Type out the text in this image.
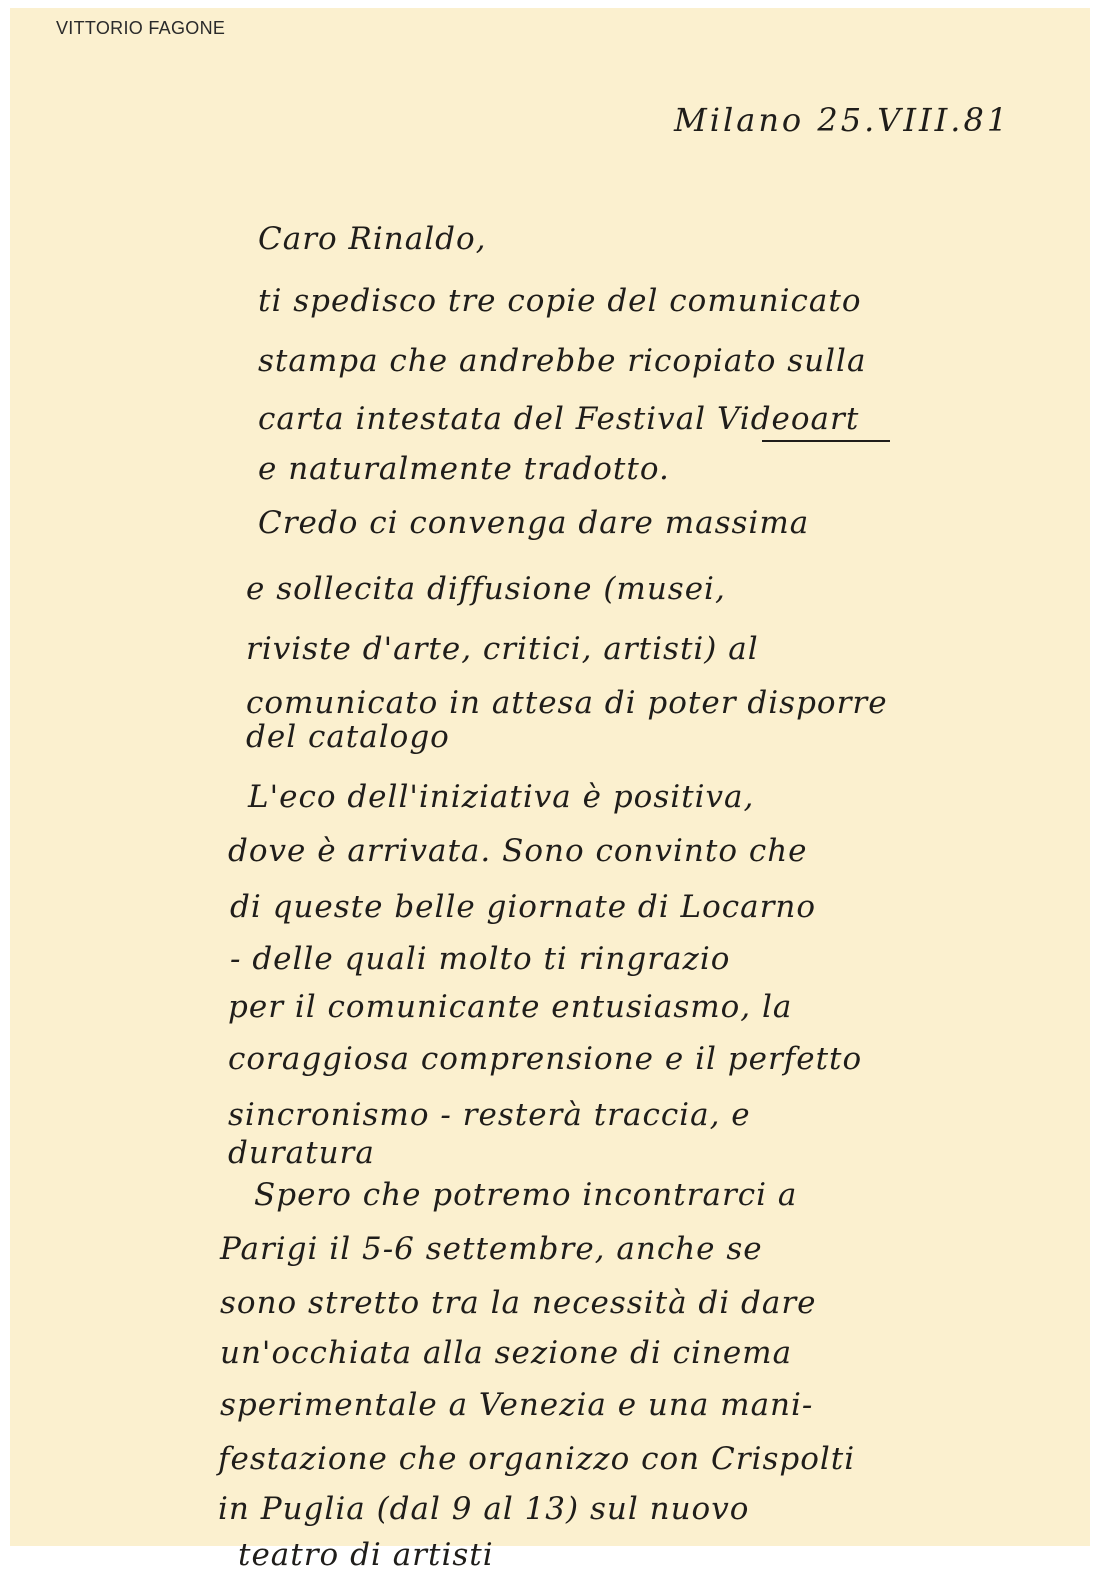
VITTORIO FAGONE
Milano 25.VIII.81
Caro Rinaldo,
ti spedisco tre copie del comunicato
stampa che andrebbe ricopiato sulla
carta intestata del Festival Videoart
e naturalmente tradotto.
Credo ci convenga dare massima
e sollecita diffusione (musei,
riviste d'arte, critici, artisti) al
comunicato in attesa di poter disporre
del catalogo
L'eco dell'iniziativa è positiva,
dove è arrivata. Sono convinto che
di queste belle giornate di Locarno
- delle quali molto ti ringrazio
per il comunicante entusiasmo, la
coraggiosa comprensione e il perfetto
sincronismo - resterà traccia, e
duratura
Spero che potremo incontrarci a
Parigi il 5-6 settembre, anche se
sono stretto tra la necessità di dare
un'occhiata alla sezione di cinema
sperimentale a Venezia e una mani-
festazione che organizzo con Crispolti
in Puglia (dal 9 al 13) sul nuovo
teatro di artisti
